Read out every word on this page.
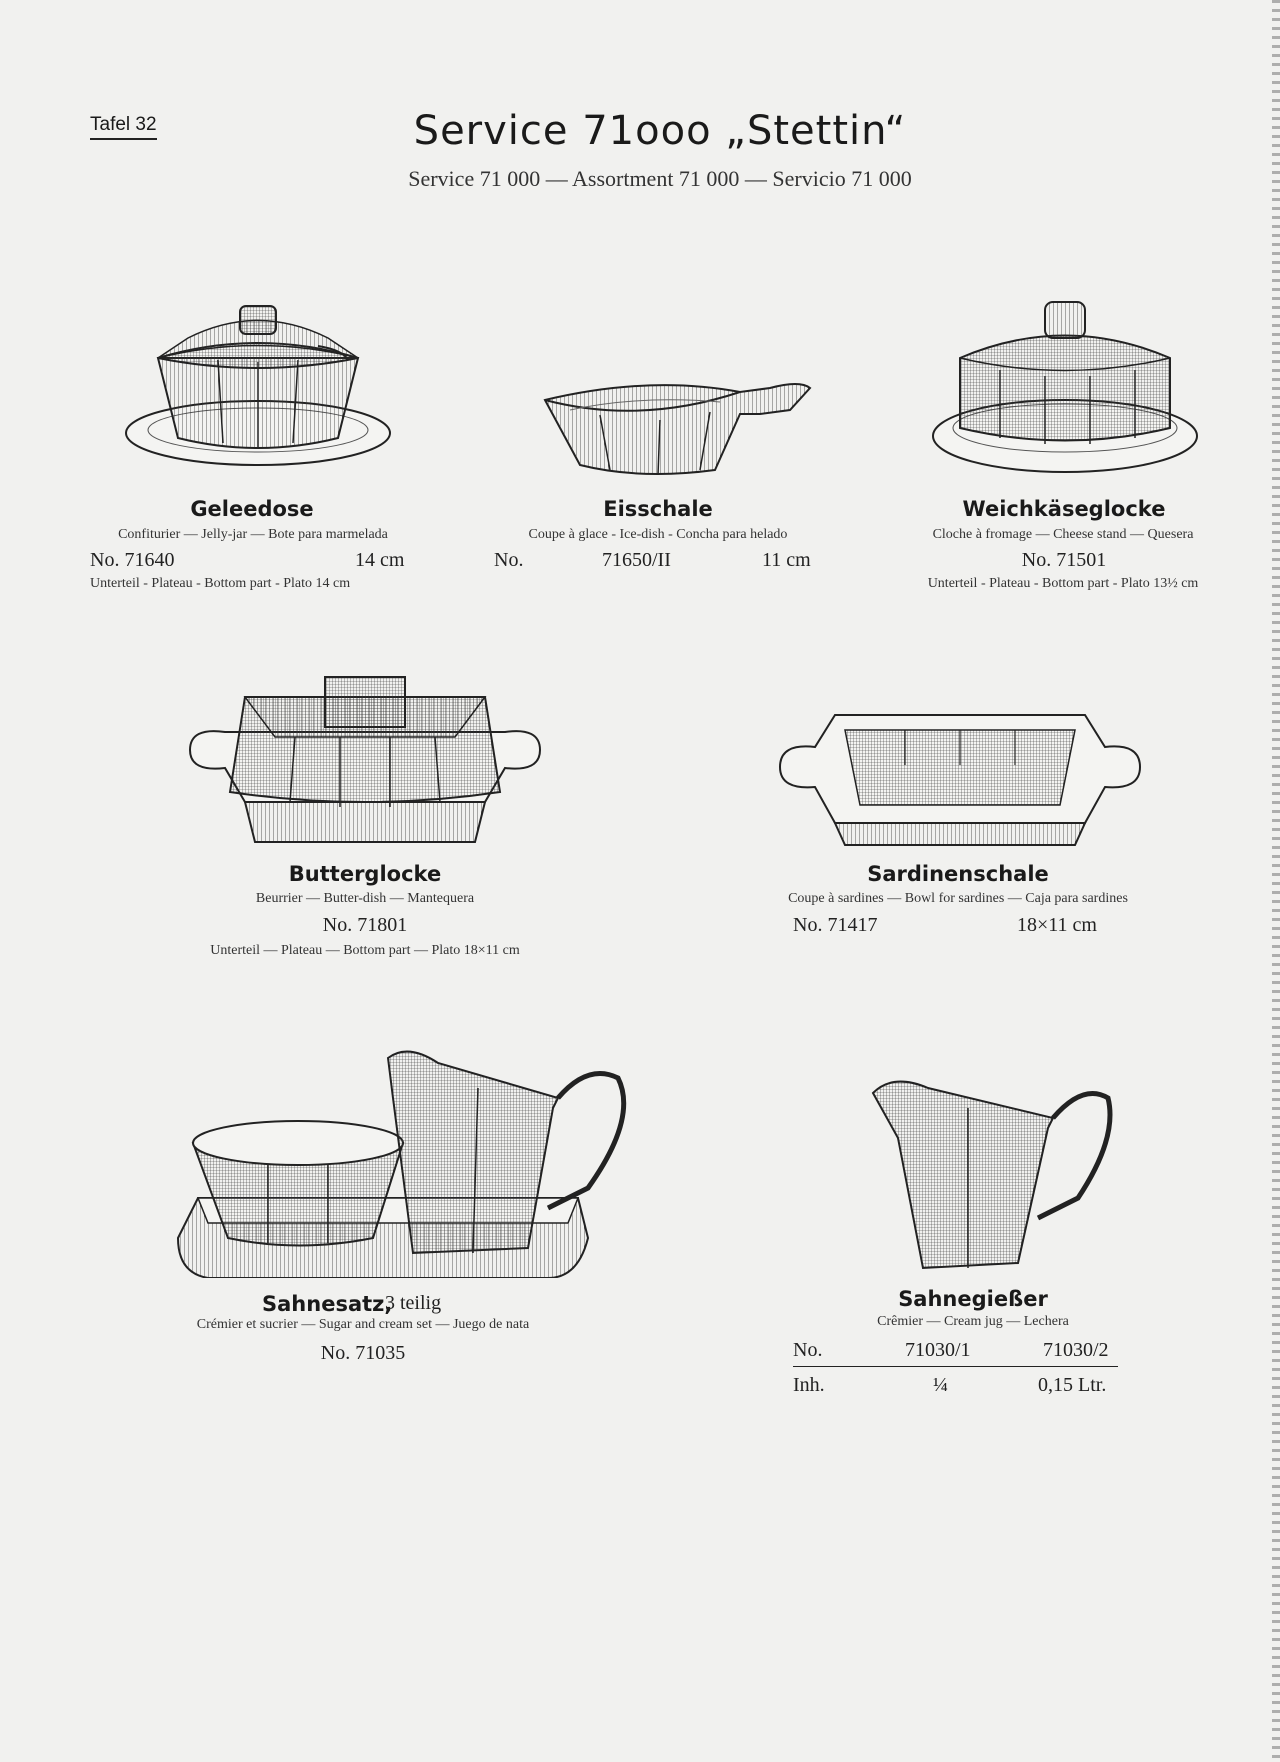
Tafel 32	Service 71ooo „Stettin“
Service 71 000 — Assortment 71 000 — Servicio 71 000
Geleedose
Confiturier — Jelly-jar — Bote para marmelada
No. 71640	14 cm
Unterteil - Plateau - Bottom part - Plato 14 cm
Eisschale
Coupe à glace - Ice-dish - Concha para helado
No.	71650/II	11 cm
Weichkäseglocke
Cloche à fromage — Cheese stand — Quesera
No. 71501
Unterteil - Plateau - Bottom part - Plato 13½ cm
Butterglocke
Beurrier — Butter-dish — Mantequera
No. 71801
Unterteil — Plateau — Bottom part — Plato 18×11 cm
Sardinenschale
Coupe à sardines — Bowl for sardines — Caja para sardines
No. 71417	18×11 cm
Sahnesatz,
3 teilig
Crémier et sucrier — Sugar and cream set — Juego de nata
No. 71035
Sahnegießer
Crêmier — Cream jug — Lechera
No.	71030/1	71030/2
Inh.	¼	0,15 Ltr.
